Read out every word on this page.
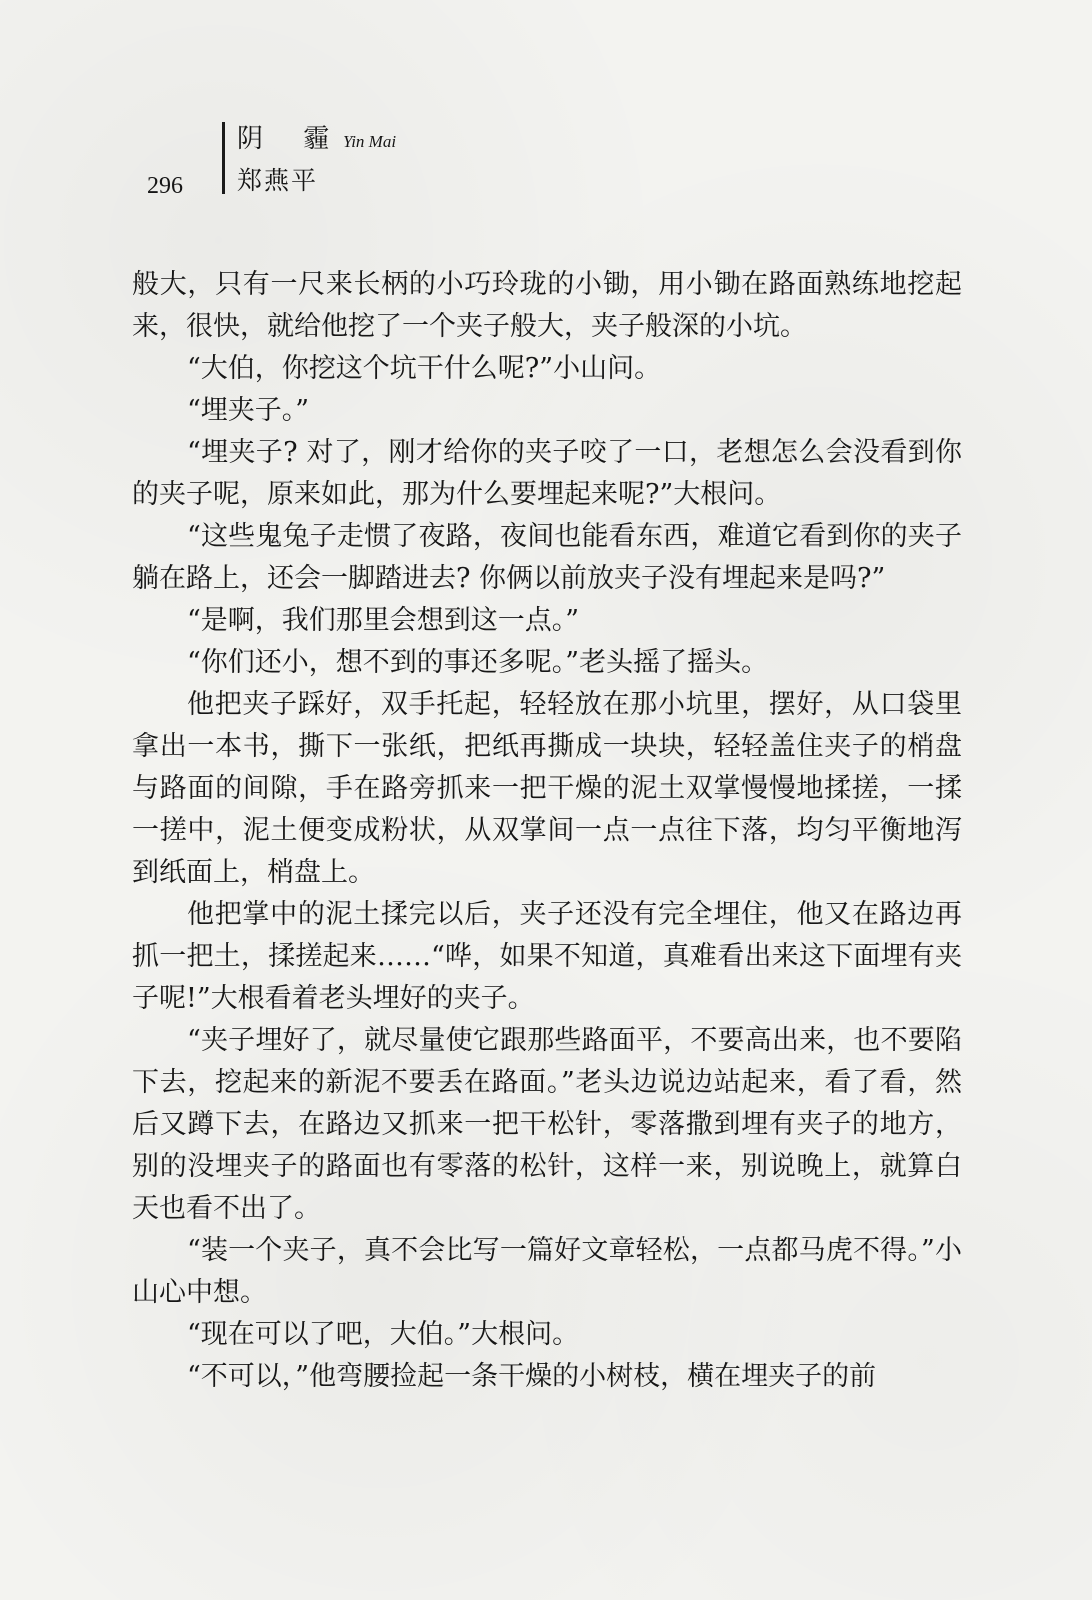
296
阴 霾
Yin Mai
郑燕平

般大，只有一尺来长柄的小巧玲珑的小锄，用小锄在路面熟练地挖起来，很快，就给他挖了一个夹子般大，夹子般深的小坑。

“大伯，你挖这个坑干什么呢?”小山问。

“埋夹子。”

“埋夹子? 对了，刚才给你的夹子咬了一口，老想怎么会没看到你的夹子呢，原来如此，那为什么要埋起来呢?”大根问。

“这些鬼兔子走惯了夜路，夜间也能看东西，难道它看到你的夹子躺在路上，还会一脚踏进去? 你俩以前放夹子没有埋起来是吗?”

“是啊，我们那里会想到这一点。”

“你们还小，想不到的事还多呢。”老头摇了摇头。

他把夹子踩好，双手托起，轻轻放在那小坑里，摆好，从口袋里拿出一本书，撕下一张纸，把纸再撕成一块块，轻轻盖住夹子的梢盘与路面的间隙，手在路旁抓来一把干燥的泥土双掌慢慢地揉搓，一揉一搓中，泥土便变成粉状，从双掌间一点一点往下落，均匀平衡地泻到纸面上，梢盘上。

他把掌中的泥土揉完以后，夹子还没有完全埋住，他又在路边再抓一把土，揉搓起来……“哗，如果不知道，真难看出来这下面埋有夹子呢!”大根看着老头埋好的夹子。

“夹子埋好了，就尽量使它跟那些路面平，不要高出来，也不要陷下去，挖起来的新泥不要丢在路面。”老头边说边站起来，看了看，然后又蹲下去，在路边又抓来一把干松针，零落撒到埋有夹子的地方，别的没埋夹子的路面也有零落的松针，这样一来，别说晚上，就算白天也看不出了。

“装一个夹子，真不会比写一篇好文章轻松，一点都马虎不得。”小山心中想。

“现在可以了吧，大伯。”大根问。

“不可以，”他弯腰捡起一条干燥的小树枝，横在埋夹子的前
